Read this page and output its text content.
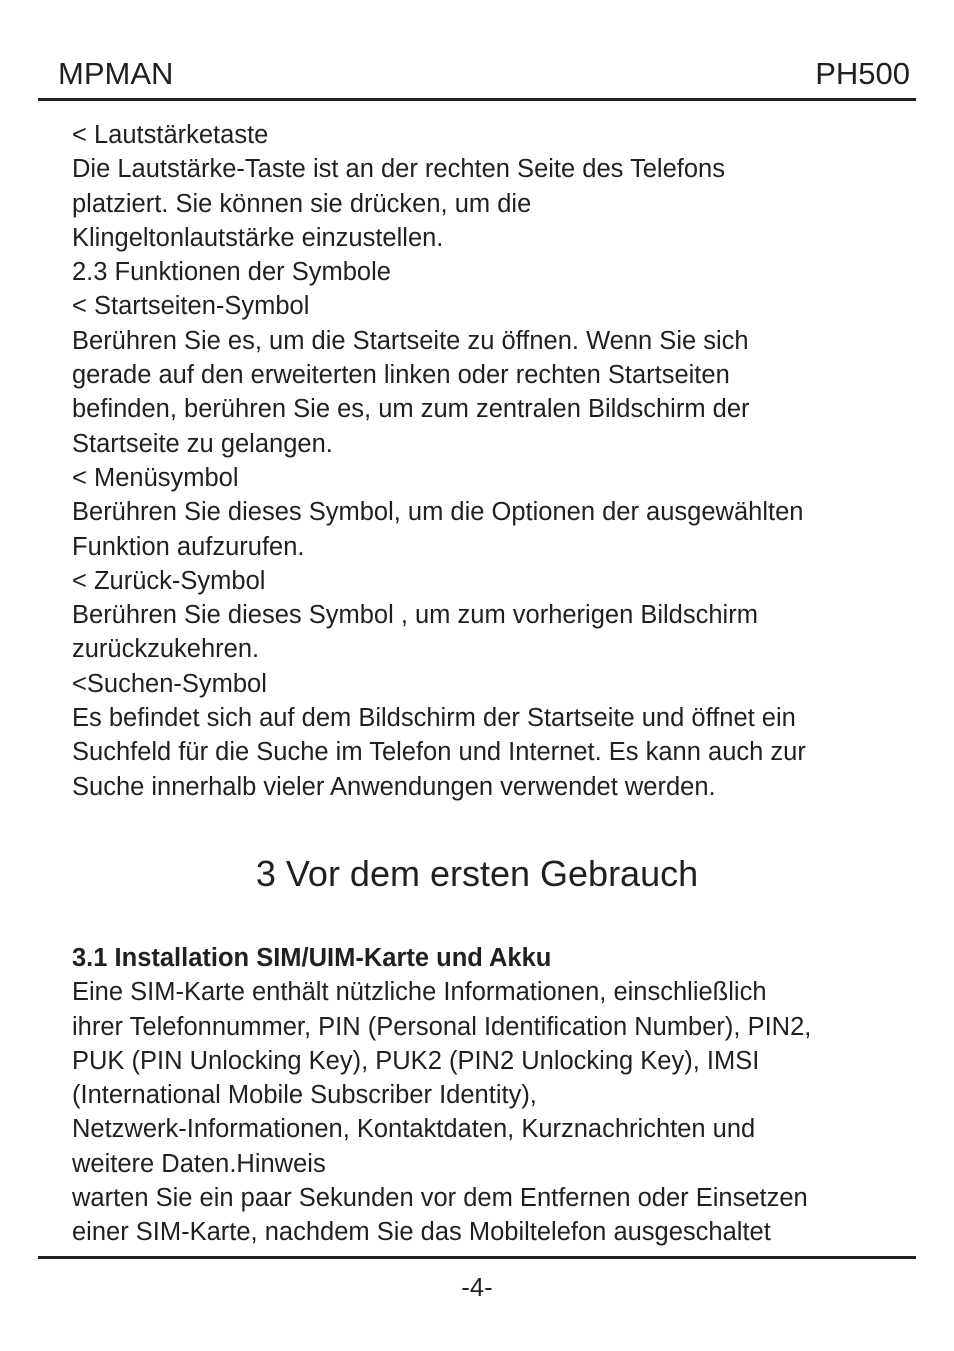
MPMAN	PH500
< Lautstärketaste
Die Lautstärke-Taste ist an der rechten Seite des Telefons
platziert. Sie können sie drücken, um die
Klingeltonlautstärke einzustellen.
2.3 Funktionen der Symbole
< Startseiten-Symbol
Berühren Sie es, um die Startseite zu öffnen. Wenn Sie sich
gerade auf den erweiterten linken oder rechten Startseiten
befinden, berühren Sie es, um zum zentralen Bildschirm der
Startseite zu gelangen.
< Menüsymbol
Berühren Sie dieses Symbol, um die Optionen der ausgewählten
Funktion aufzurufen.
< Zurück-Symbol
Berühren Sie dieses Symbol , um zum vorherigen Bildschirm
zurückzukehren.
<Suchen-Symbol
Es befindet sich auf dem Bildschirm der Startseite und öffnet ein
Suchfeld für die Suche im Telefon und Internet. Es kann auch zur
Suche innerhalb vieler Anwendungen verwendet werden.
3 Vor dem ersten Gebrauch
3.1 Installation SIM/UIM-Karte und Akku
Eine SIM-Karte enthält nützliche Informationen, einschließlich
ihrer Telefonnummer, PIN (Personal Identification Number), PIN2,
PUK (PIN Unlocking Key), PUK2 (PIN2 Unlocking Key), IMSI
(International Mobile Subscriber Identity),
Netzwerk-Informationen, Kontaktdaten, Kurznachrichten und
weitere Daten.Hinweis
warten Sie ein paar Sekunden vor dem Entfernen oder Einsetzen
einer SIM-Karte, nachdem Sie das Mobiltelefon ausgeschaltet
-4-
